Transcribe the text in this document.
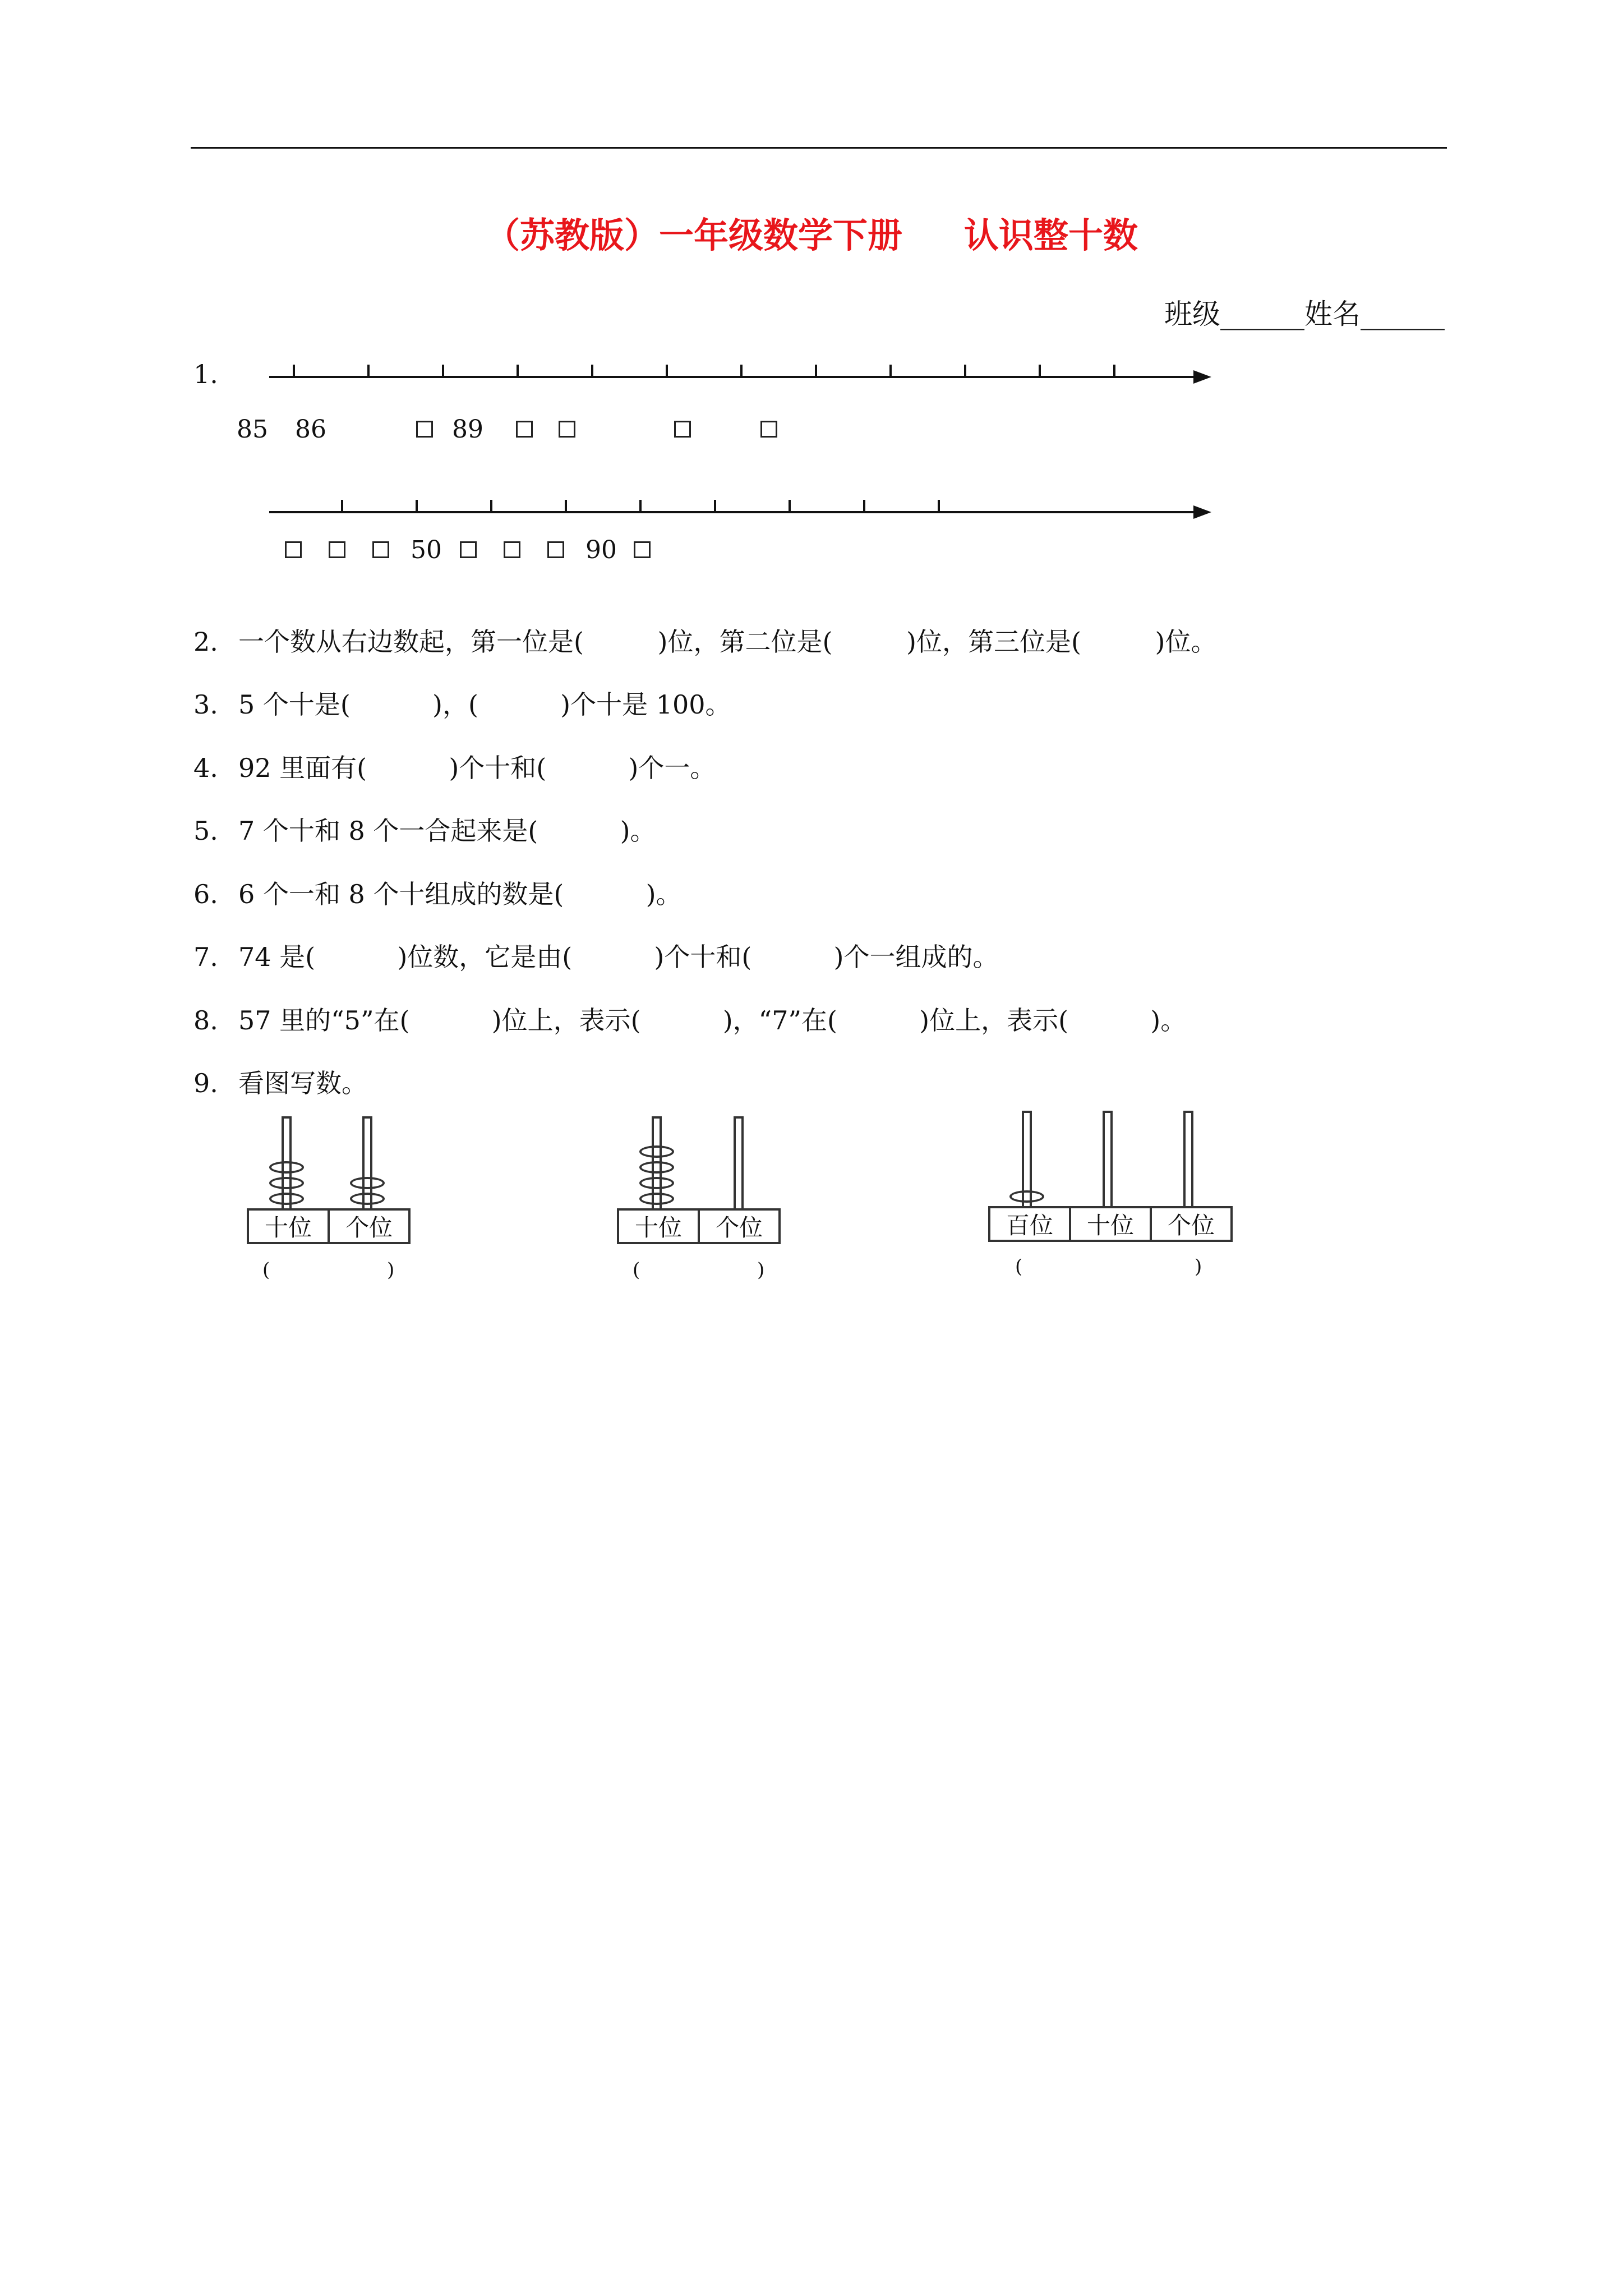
（苏教版）一年级数学下册 认识整十数
班级______姓名______
1.
85 86	89
50	90
2. 一个数从右边数起，第一位是(         )位，第二位是(         )位，第三位是(         )位。
3. 5 个十是(          )，(          )个十是 100。
4. 92 里面有(          )个十和(          )个一。
5. 7 个十和 8 个一合起来是(          )。
6. 6 个一和 8 个十组成的数是(          )。
7. 74 是(          )位数，它是由(          )个十和(          )个一组成的。
8. 57 里的“5”在(          )位上，表示(          )，“7”在(          )位上，表示(          )。
9. 看图写数。
十位	个位
(	)
十位	个位
(	)
百位	十位	个位
(	)
